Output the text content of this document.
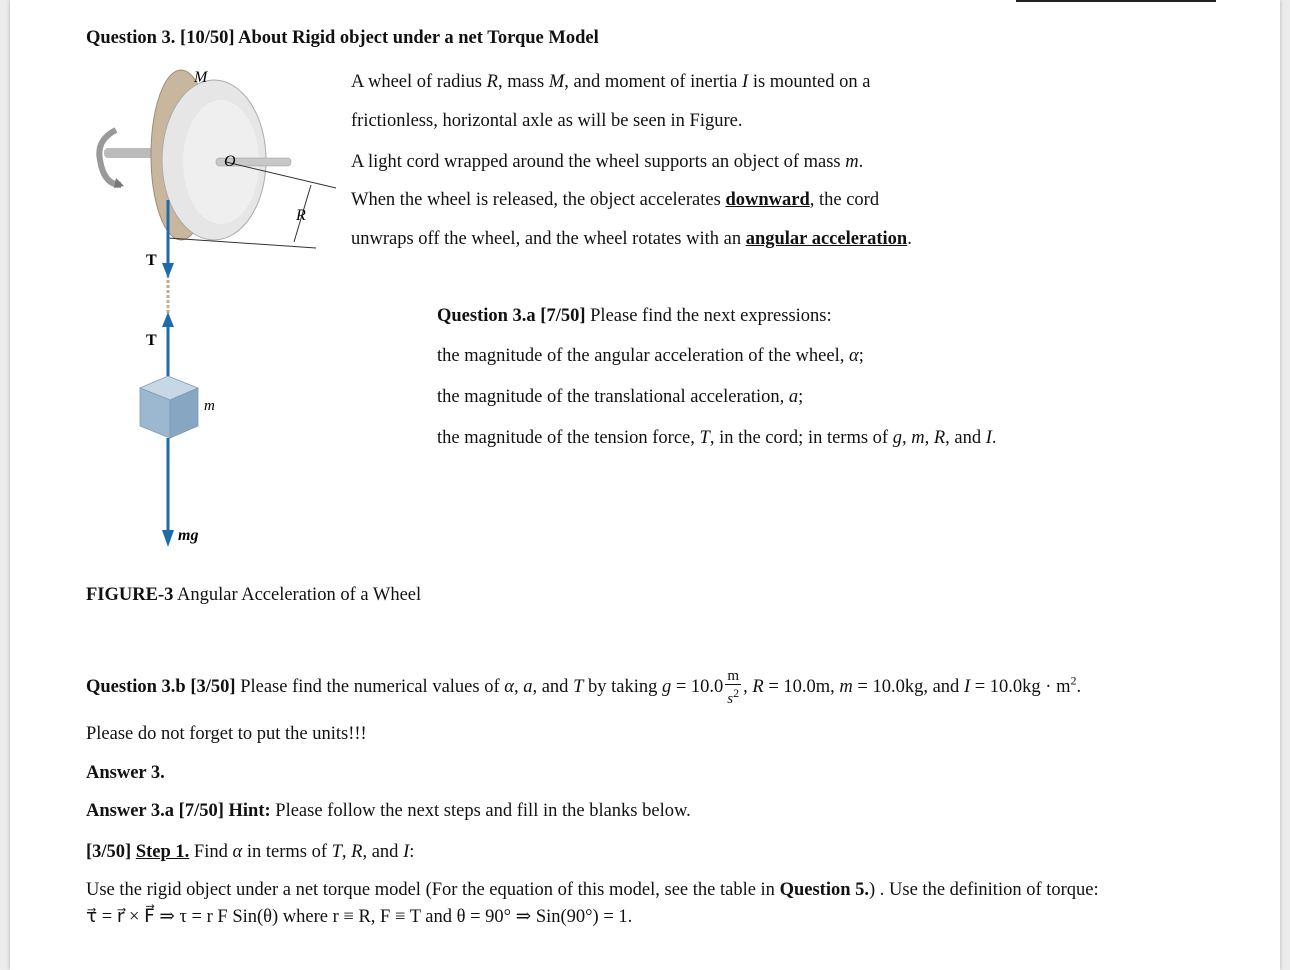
Question 3. [10/50] About Rigid object under a net Torque Model
M
O
R
T
T
m
mg
A wheel of radius R, mass M, and moment of inertia I is mounted on a
frictionless, horizontal axle as will be seen in Figure.
A light cord wrapped around the wheel supports an object of mass m.
When the wheel is released, the object accelerates downward, the cord
unwraps off the wheel, and the wheel rotates with an angular acceleration.
Question 3.a [7/50] Please find the next expressions:
the magnitude of the angular acceleration of the wheel, α;
the magnitude of the translational acceleration, a;
the magnitude of the tension force, T, in the cord; in terms of g, m, R, and I.
FIGURE-3 Angular Acceleration of a Wheel
Question 3.b [3/50] Please find the numerical values of α, a, and T by taking $g = 10.0 \frac{m}{s^2}$ , R = 10.0m, m = 10.0kg, and $I = 10.0kg \cdot m^2$.
Please do not forget to put the units!!!
Answer 3.
Answer 3.a [7/50] Hint: Please follow the next steps and fill in the blanks below.
[3/50] Step 1. Find α in terms of T, R, and I:
Use the rigid object under a net torque model (For the equation of this model, see the table in Question 5.) . Use the definition of torque:
τ⃗ = r⃗ × F⃗ ⇒ τ = r F Sin(θ) where r ≡ R, F ≡ T and θ = 90° ⇒ Sin(90°) = 1.
